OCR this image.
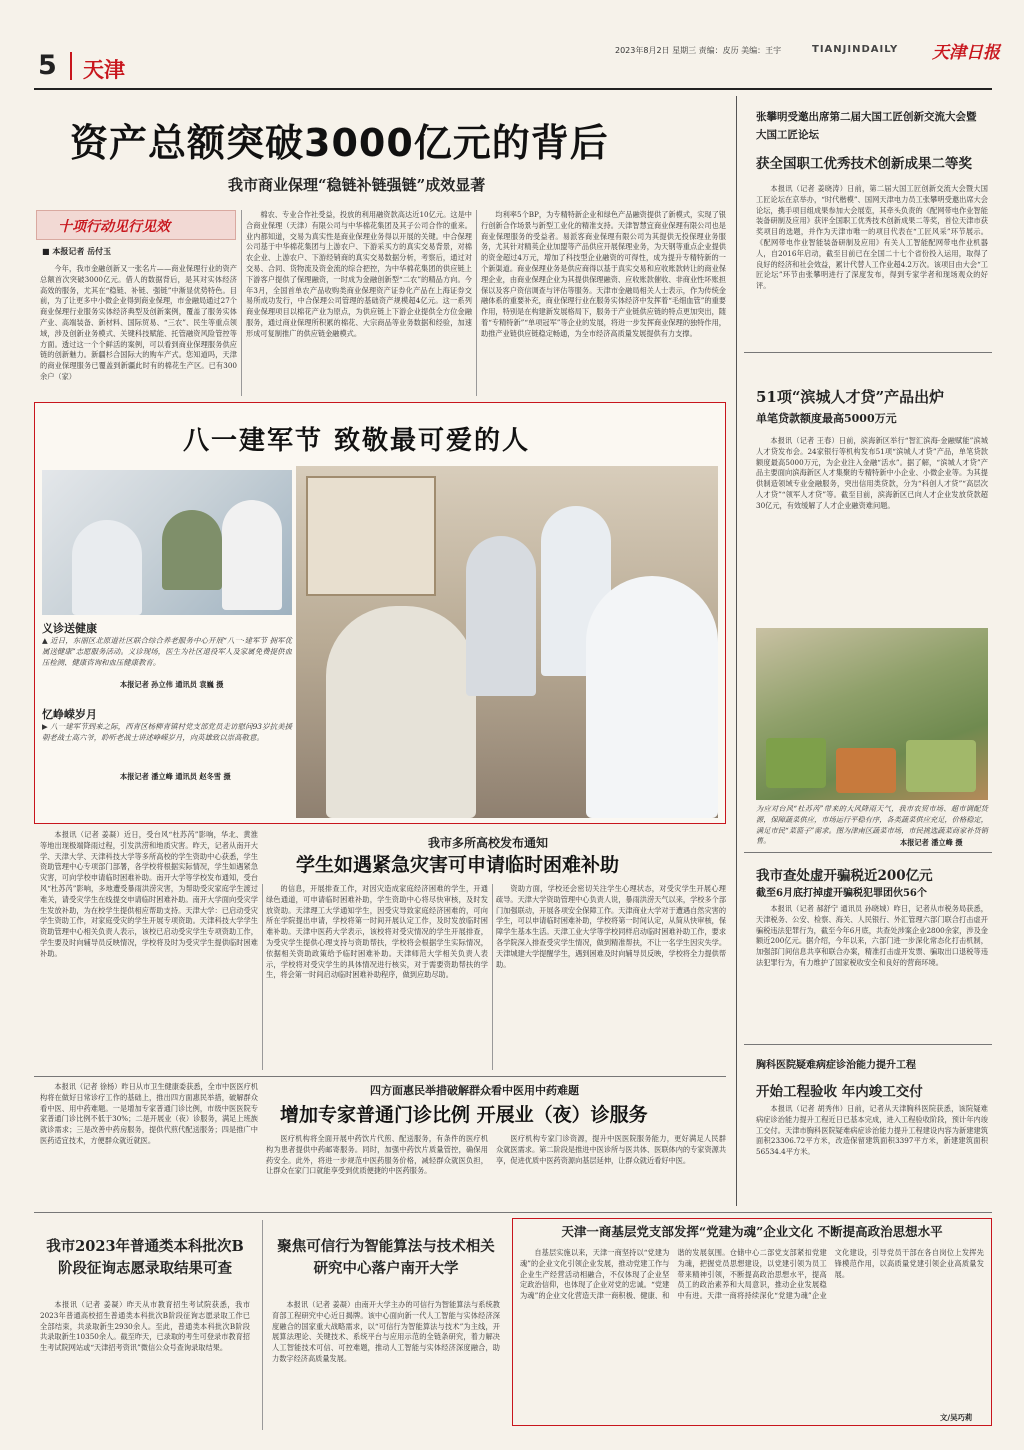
5 天津
2023年8月2日 星期三 责编：皮历 美编：王宇	TIANJINDAILY 天津日报
资产总额突破3000亿元的背后
我市商业保理“稳链补链强链”成效显著
十项行动见行见效
■ 本报记者 岳付玉

今年，我市金融创新又一张名片——商业保理行业的资产总额首次突破3000亿元。借人的数据背后，是其对实体经济高效的服务，尤其在“稳链、补链、强链”中渐显优势特色。目前，为了让更多中小微企业得到商业保理，市金融局通过27个商业保理行业服务实体经济典型及创新案例，覆盖了服务实体产业、高端装备、新材料、国际贸易、“三农”、民生等重点领域，涉及创新业务模式、关键科技赋能、托管融资风险管控等方面。透过这一个个鲜活的案例，可以看到商业保理服务供应链的创新魅力。新疆杉合国际大的购车产式。您知道吗，天津的商业保理服务已覆盖到新疆此时有的棉花生产区。已有300余户（家）

棉农、专业合作社受益，投放的利用融资款高达近10亿元。这是中合商业保理（天津）有限公司与中华棉花集团及其子公司合作的重来。业内都知道，交易为真实性是商业保理业务得以开展的关键。中合保理公司基于中华棉花集团与上游农户、下游采买方的真实交易背景，对棉农企业、上游农户、下游经销商的真实交易数据分析，考察后，通过对交易、合同、货物流及资金流的综合把控，为中华棉花集团的供应链上下游客户提供了保理融资，一时成为金融创新型“二农”的精品方向。今年3月，全国首单农产品收购类商业保理资产证券化产品在上海证券交易所成功发行，中合保理公司管理的基础资产规模超4亿元。这一系列商业保理项目以棉花产业为原点，为供应链上下游企业提供全方位金融服务，通过商业保理所积累的棉花、大宗商品等业务数据和经验，加速形成可复制推广的供应链金融模式。

均利率5个BP，为专精特新企业和绿色产品融资提供了新模式，实现了银行创新合作场景与新型工业化的精准支持。天津智慧宜商业保理有限公司也是商业保理服务的受益者。易派客商业保理有限公司为其提供无投保理业务服务，尤其针对精英企业加盟等产品供应开展保理业务，为天钢等重点企业提供的资金超过4万元，增加了科技型企业融资的可得性，成为提升专精特新的一个新渠道。商业保理业务是供应商得以基于真实交易和应收账款转让的商业保理企业，由商业保理企业为其提供保理融资、应收账款催收、非商业性坏账担保以及客户资信调查与评估等服务。天津市金融局相关人士表示，作为传统金融体系的重要补充，商业保理行业在服务实体经济中发挥着“毛细血管”的重要作用，特别是在构建新发展格局下，服务于产业链供应链的特点更加突出，随着“专精特新”“单项冠军”等企业的发展，将进一步发挥商业保理的独特作用，助推产业链供应链稳定畅通，为全市经济高质量发展提供有力支撑。

八一建军节 致敬最可爱的人
义诊送健康
▲ 近日，东丽区北原道社区联合综合养老服务中心开展“八一·建军节 拥军优属送健康”志愿服务活动。义诊现场，医生为社区退役军人及家属免费提供血压检测、健康咨询和血压健康教育。
本报记者 孙立伟 通讯员 袁巍 摄
忆峥嵘岁月
▶ 八一建军节到来之际，西青区杨柳青镇村党支部党员走访慰问93岁抗美援朝老战士高六爷，聆听老战士讲述峥嵘岁月，向英雄致以崇高敬意。
本报记者 潘立峰 通讯员 赵冬雪 摄
我市多所高校发布通知
学生如遇紧急灾害可申请临时困难补助

本报讯（记者 姜凝）近日，受台风“杜苏芮”影响，华北、黄淮等地出现极端降雨过程，引发洪涝和地质灾害。昨天，记者从南开大学、天津大学、天津科技大学等多所高校的学生资助中心获悉，学生资助管理中心专项部门部署，各学校将根据实际情况，学生如遇紧急灾害，可向学校申请临时困难补助。南开大学等学校发布通知，受台风“杜苏芮”影响，多地遭受暴雨洪涝灾害，为帮助受灾家庭学生渡过难关，请受灾学生在线提交申请临时困难补助。南开大学面向受灾学生发放补助，为在校学生提供相应帮助支持。天津大学：已启动受灾学生资助工作，对家庭受灾的学生开展专项资助。天津科技大学学生资助管理中心相关负责人表示，该校已启动受灾学生专项资助工作，学生要及时向辅导员反映情况，学校将及时为受灾学生提供临时困难补助。

的信息，开展排查工作，对因灾造成家庭经济困难的学生，开通绿色通道，可申请临时困难补助，学生资助中心将尽快审核，及时发放资助。天津理工大学通知学生，因受灾导致家庭经济困难的，可向所在学院提出申请，学校将第一时间开展认定工作，及时发放临时困难补助。天津中医药大学表示，该校将对受灾情况的学生开展排查，为受灾学生提供心理支持与资助帮扶，学校将会根据学生实际情况，依据相关资助政策给予临时困难补助。天津师范大学相关负责人表示，学校将对受灾学生的具体情况进行核实，对于需要资助帮扶的学生，将会第一时间启动临时困难补助程序，做到应助尽助。

资助方面，学校还会密切关注学生心理状态，对受灾学生开展心理疏导。天津大学资助管理中心负责人说，暴雨洪涝天气以来，学校多个部门加强联动，开展各项安全保障工作。天津商业大学对于遭遇自然灾害的学生，可以申请临时困难补助，学校将第一时间认定，从简从快审核，保障学生基本生活。天津工业大学等学校同样启动临时困难补助工作，要求各学院深入排查受灾学生情况，做到精准帮扶，不让一名学生因灾失学。天津城建大学提醒学生，遇到困难及时向辅导员反映，学校将全力提供帮助。

四方面惠民举措破解群众看中医用中药难题
增加专家普通门诊比例 开展业（夜）诊服务

本报讯（记者 徐杨）昨日从市卫生健康委获悉，全市中医医疗机构将在做好日常诊疗工作的基础上，推出四方面惠民举措，破解群众看中医、用中药难题。一是增加专家普通门诊比例，市级中医医院专家普通门诊比例不低于30%；二是开展业（夜）诊服务，满足上班族就诊需求；三是改善中药房服务，提供代煎代配送服务；四是推广中医药适宜技术，方便群众就近就医。	医疗机构将全面开展中药饮片代煎、配送服务，有条件的医疗机构为患者提供中药邮寄服务。同时，加强中药饮片质量管控，确保用药安全。此外，将进一步规范中医药服务价格，减轻群众就医负担，让群众在家门口就能享受到优质便捷的中医药服务。

医疗机构专家门诊资源，提升中医医院服务能力，更好满足人民群众就医需求。第二阶段是推进中医诊所与医共体、医联体内的专家资源共享，促进优质中医药资源向基层延伸，让群众就近看好中医。

我市2023年普通类本科批次B阶段征询志愿录取结果可查

本报讯（记者 姜凝）昨天从市教育招生考试院获悉，我市2023年普通高校招生普通类本科批次B阶段征询志愿录取工作已全部结束，共录取新生2930余人。至此，普通类本科批次B阶段共录取新生10350余人。截至昨天，已录取的考生可登录市教育招生考试院网站或“天津招考资讯”微信公众号查询录取结果。

聚焦可信行为智能算法与技术相关研究中心落户南开大学

本报讯（记者 姜凝）由南开大学主办的可信行为智能算法与系统教育部工程研究中心近日揭牌。该中心面向新一代人工智能与实体经济深度融合的国家重大战略需求，以“可信行为智能算法与技术”为主线，开展算法理论、关键技术、系统平台与应用示范的全链条研究，着力解决人工智能技术可信、可控难题，推动人工智能与实体经济深度融合，助力数字经济高质量发展。

天津一商基层党支部发挥“党建为魂”企业文化 不断提高政治思想水平

自基层实施以来，天津一商坚持以“党建为魂”的企业文化引领企业发展，推动党建工作与企业生产经营活动相融合，不仅体现了企业坚定政治信仰，也体现了企业对党的忠诚。“党建为魂”的企业文化营造天津一商积极、健康、和谐的发展氛围。仓储中心二部党支部紧扣党建为魂，把握党员思想建设，以党建引领为员工带来精神引领，不断提高政治思想水平，提高员工的政治素养和大局意识，推动企业发展稳中有进。天津一商将持续深化“党建为魂”企业文化建设，引导党员干部在各自岗位上发挥先锋模范作用，以高质量党建引领企业高质量发展。

文/吴巧莉
张攀明受邀出席第二届大国工匠创新交流大会暨大国工匠论坛
获全国职工优秀技术创新成果二等奖

本报讯（记者 姜晓涛）日前，第二届大国工匠创新交流大会暨大国工匠论坛在京举办，“时代楷模”、国网天津电力员工张攀明受邀出席大会论坛，携手项目组成果参加大会展览，其牵头负责的《配网带电作业智能装备研制及应用》获评全国职工优秀技术创新成果二等奖，首位天津市获奖项目的选题，并作为天津市唯一的项目代表在“工匠风采”环节展示。《配网带电作业智能装备研制及应用》有关人工智能配网带电作业机器人，自2016年启动，截至目前已在全国二十七个省份投入运用，取得了良好的经济和社会效益，累计代替人工作业超4.2万次。该项目由大会“工匠论坛”环节由张攀明进行了深度发布，得到专家学者和现场观众的好评。

51项“滨城人才贷”产品出炉
单笔贷款额度最高5000万元

本报讯（记者 王春）日前，滨海新区举行“智汇滨海·金融赋能”滨城人才贷发布会。24家银行等机构发布51项“滨城人才贷”产品，单笔贷款额度最高5000万元，为企业注入金融“活水”。据了解，“滨城人才贷”产品主要面向滨海新区人才集聚的专精特新中小企业、小微企业等。为其提供制造领域专业金融服务，突出信用类贷款，分为“科创人才贷”“高层次人才贷”“领军人才贷”等。截至目前，滨海新区已向人才企业发放贷款超30亿元，有效缓解了人才企业融资难问题。

为应对台风“杜苏芮”带来的大风降雨天气，我市农贸市场、超市调配货源，保障蔬菜供应，市场运行平稳有序，各类蔬菜供应充足，价格稳定，满足市民“菜篮子”需求。图为津南区蔬菜市场，市民挑选蔬菜商家补货销售。	本报记者 潘立峰 摄
我市查处虚开骗税近200亿元
截至6月底打掉虚开骗税犯罪团伙56个

本报讯（记者 郝舒宁 通讯员 孙晓城）昨日，记者从市税务局获悉，天津税务、公安、检察、海关、人民银行、外汇管理六部门联合打击虚开骗税违法犯罪行为，截至今年6月底，共查处涉案企业2800余家，涉及金额近200亿元。据介绍，今年以来，六部门进一步深化常态化打击机制，加强部门间信息共享和联合办案，精准打击虚开发票、骗取出口退税等违法犯罪行为，有力维护了国家税收安全和良好的营商环境。

胸科医院疑难病症诊治能力提升工程
开始工程验收 年内竣工交付

本报讯（记者 胡秀伟）日前，记者从天津胸科医院获悉，该院疑难病症诊治能力提升工程近日已基本完成，进入工程验收阶段，预计年内竣工交付。天津市胸科医院疑难病症诊治能力提升工程建设内容为新建建筑面积23306.72平方米，改造保留建筑面积3397平方米，新建建筑面积56534.4平方米。
